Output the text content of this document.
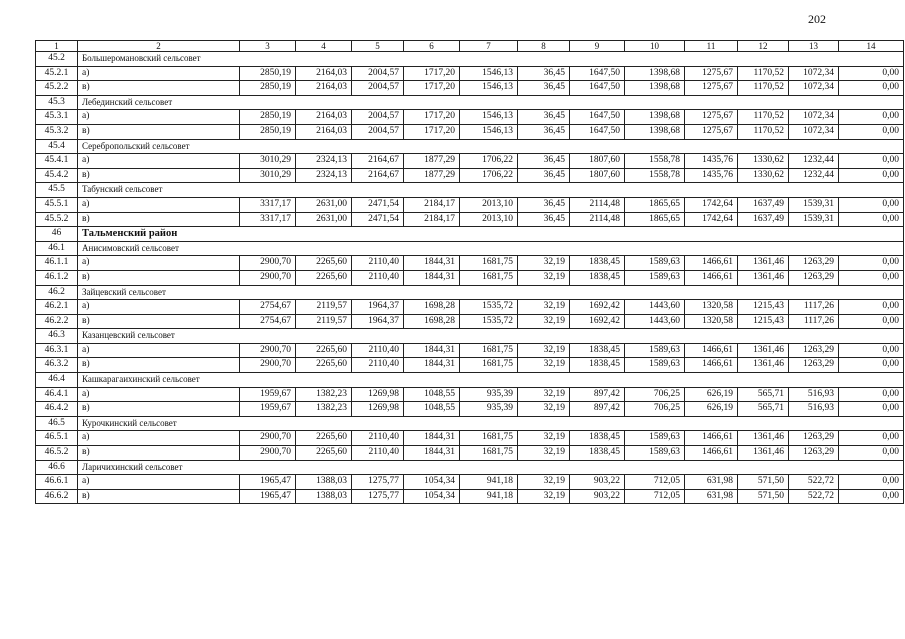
202
1	2	3	4	5	6	7	8	9	10	11	12	13	14
45.2	Большеромановский сельсовет												
45.2.1	а)	2850,19	2164,03	2004,57	1717,20	1546,13	36,45	1647,50	1398,68	1275,67	1170,52	1072,34	0,00
45.2.2	в)	2850,19	2164,03	2004,57	1717,20	1546,13	36,45	1647,50	1398,68	1275,67	1170,52	1072,34	0,00
45.3	Лебединский сельсовет												
45.3.1	а)	2850,19	2164,03	2004,57	1717,20	1546,13	36,45	1647,50	1398,68	1275,67	1170,52	1072,34	0,00
45.3.2	в)	2850,19	2164,03	2004,57	1717,20	1546,13	36,45	1647,50	1398,68	1275,67	1170,52	1072,34	0,00
45.4	Серебропольский сельсовет												
45.4.1	а)	3010,29	2324,13	2164,67	1877,29	1706,22	36,45	1807,60	1558,78	1435,76	1330,62	1232,44	0,00
45.4.2	в)	3010,29	2324,13	2164,67	1877,29	1706,22	36,45	1807,60	1558,78	1435,76	1330,62	1232,44	0,00
45.5	Табунский сельсовет												
45.5.1	а)	3317,17	2631,00	2471,54	2184,17	2013,10	36,45	2114,48	1865,65	1742,64	1637,49	1539,31	0,00
45.5.2	в)	3317,17	2631,00	2471,54	2184,17	2013,10	36,45	2114,48	1865,65	1742,64	1637,49	1539,31	0,00
46	Тальменский район												
46.1	Анисимовский сельсовет												
46.1.1	а)	2900,70	2265,60	2110,40	1844,31	1681,75	32,19	1838,45	1589,63	1466,61	1361,46	1263,29	0,00
46.1.2	в)	2900,70	2265,60	2110,40	1844,31	1681,75	32,19	1838,45	1589,63	1466,61	1361,46	1263,29	0,00
46.2	Зайцевский сельсовет												
46.2.1	а)	2754,67	2119,57	1964,37	1698,28	1535,72	32,19	1692,42	1443,60	1320,58	1215,43	1117,26	0,00
46.2.2	в)	2754,67	2119,57	1964,37	1698,28	1535,72	32,19	1692,42	1443,60	1320,58	1215,43	1117,26	0,00
46.3	Казанцевский сельсовет												
46.3.1	а)	2900,70	2265,60	2110,40	1844,31	1681,75	32,19	1838,45	1589,63	1466,61	1361,46	1263,29	0,00
46.3.2	в)	2900,70	2265,60	2110,40	1844,31	1681,75	32,19	1838,45	1589,63	1466,61	1361,46	1263,29	0,00
46.4	Кашкарагаихинский сельсовет												
46.4.1	а)	1959,67	1382,23	1269,98	1048,55	935,39	32,19	897,42	706,25	626,19	565,71	516,93	0,00
46.4.2	в)	1959,67	1382,23	1269,98	1048,55	935,39	32,19	897,42	706,25	626,19	565,71	516,93	0,00
46.5	Курочкинский сельсовет												
46.5.1	а)	2900,70	2265,60	2110,40	1844,31	1681,75	32,19	1838,45	1589,63	1466,61	1361,46	1263,29	0,00
46.5.2	в)	2900,70	2265,60	2110,40	1844,31	1681,75	32,19	1838,45	1589,63	1466,61	1361,46	1263,29	0,00
46.6	Ларичихинский сельсовет												
46.6.1	а)	1965,47	1388,03	1275,77	1054,34	941,18	32,19	903,22	712,05	631,98	571,50	522,72	0,00
46.6.2	в)	1965,47	1388,03	1275,77	1054,34	941,18	32,19	903,22	712,05	631,98	571,50	522,72	0,00
